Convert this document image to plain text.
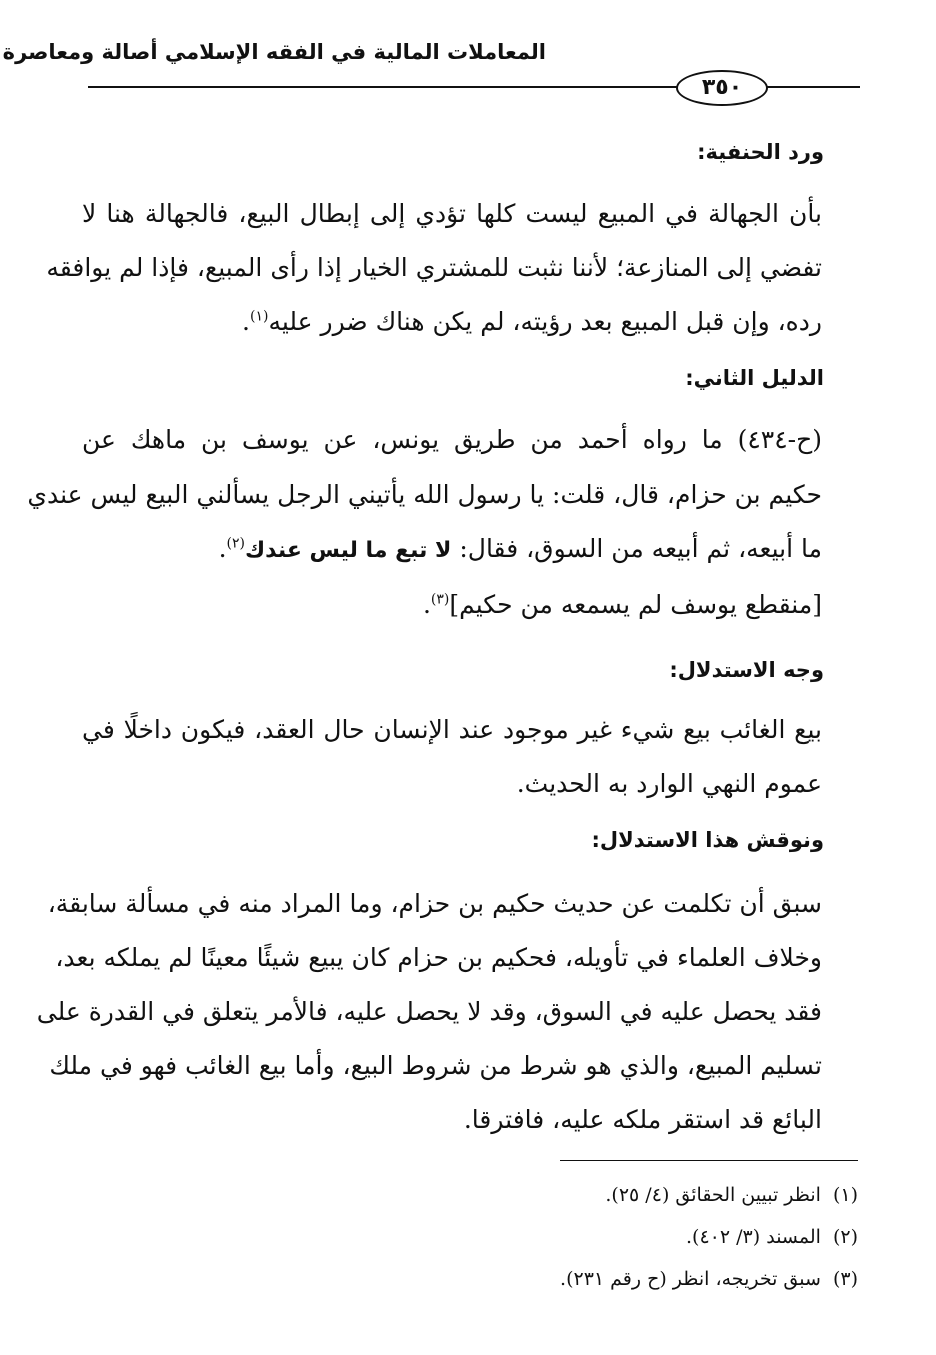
المعاملات المالية في الفقه الإسلامي أصالة ومعاصرة
٣٥٠
ورد الحنفية:
بأن الجهالة في المبيع ليست كلها تؤدي إلى إبطال البيع، فالجهالة هنا لا
تفضي إلى المنازعة؛ لأننا نثبت للمشتري الخيار إذا رأى المبيع، فإذا لم يوافقه
رده، وإن قبل المبيع بعد رؤيته، لم يكن هناك ضرر عليه$^{(١)}$.
الدليل الثاني:
(ح-٤٣٤) ما رواه أحمد من طريق يونس، عن يوسف بن ماهك عن
حكيم بن حزام، قال، قلت: يا رسول الله يأتيني الرجل يسألني البيع ليس عندي
ما أبيعه، ثم أبيعه من السوق، فقال: لا تبع ما ليس عندك$^{(٢)}$.
[منقطع يوسف لم يسمعه من حكيم]$^{(٣)}$.
وجه الاستدلال:
بيع الغائب بيع شيء غير موجود عند الإنسان حال العقد، فيكون داخلًا في
عموم النهي الوارد به الحديث.
ونوقش هذا الاستدلال:
سبق أن تكلمت عن حديث حكيم بن حزام، وما المراد منه في مسألة سابقة،
وخلاف العلماء في تأويله، فحكيم بن حزام كان يبيع شيئًا معينًا لم يملكه بعد،
فقد يحصل عليه في السوق، وقد لا يحصل عليه، فالأمر يتعلق في القدرة على
تسليم المبيع، والذي هو شرط من شروط البيع، وأما بيع الغائب فهو في ملك
البائع قد استقر ملكه عليه، فافترقا.
(١)انظر تبيين الحقائق (٤/ ٢٥).
(٢)المسند (٣/ ٤٠٢).
(٣)سبق تخريجه، انظر (ح رقم ٢٣١).
